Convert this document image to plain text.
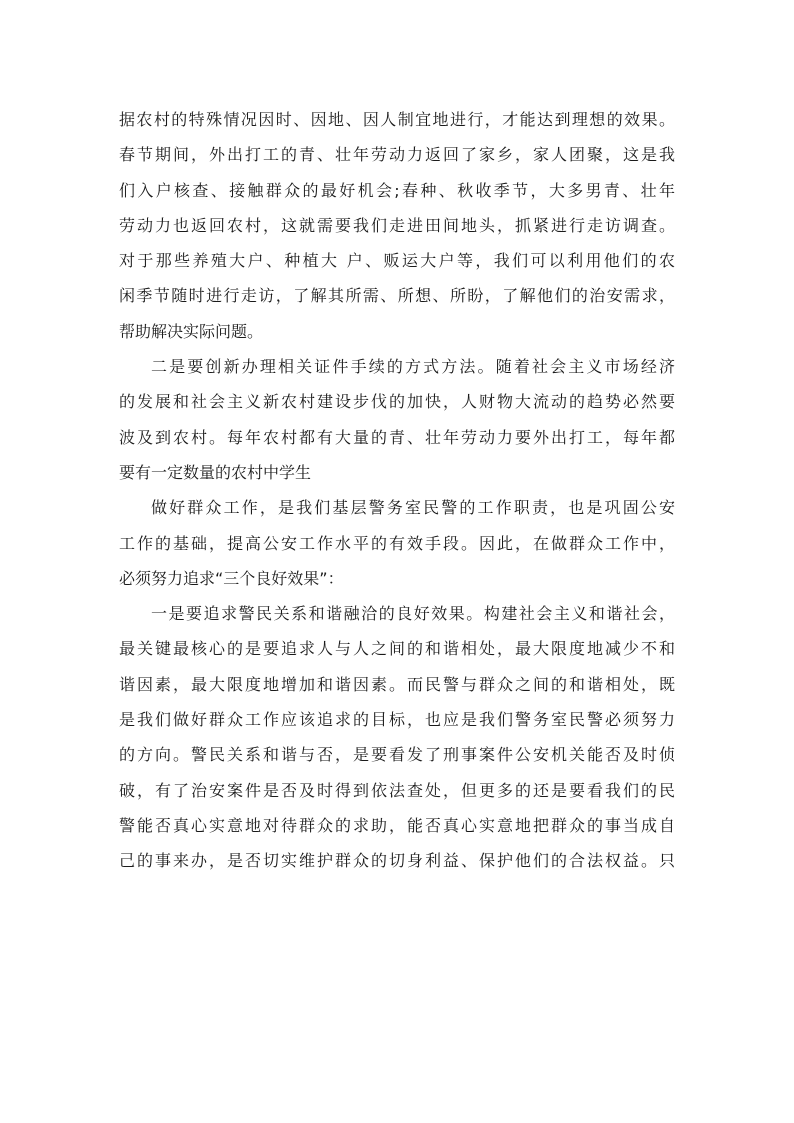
据农村的特殊情况因时、因地、因人制宜地进行，才能达到理想的效果。
春节期间，外出打工的青、壮年劳动力返回了家乡，家人团聚，这是我
们入户核查、接触群众的最好机会;春种、秋收季节，大多男青、壮年
劳动力也返回农村，这就需要我们走进田间地头，抓紧进行走访调查。
对于那些养殖大户、种植大 户、贩运大户等，我们可以利用他们的农
闲季节随时进行走访，了解其所需、所想、所盼，了解他们的治安需求，
帮助解决实际问题。
二是要创新办理相关证件手续的方式方法。随着社会主义市场经济
的发展和社会主义新农村建设步伐的加快，人财物大流动的趋势必然要
波及到农村。每年农村都有大量的青、壮年劳动力要外出打工，每年都
要有一定数量的农村中学生
做好群众工作，是我们基层警务室民警的工作职责，也是巩固公安
工作的基础，提高公安工作水平的有效手段。因此，在做群众工作中，
必须努力追求“三个良好效果”：
一是要追求警民关系和谐融洽的良好效果。构建社会主义和谐社会，
最关键最核心的是要追求人与人之间的和谐相处，最大限度地减少不和
谐因素，最大限度地增加和谐因素。而民警与群众之间的和谐相处，既
是我们做好群众工作应该追求的目标，也应是我们警务室民警必须努力
的方向。警民关系和谐与否，是要看发了刑事案件公安机关能否及时侦
破，有了治安案件是否及时得到依法查处，但更多的还是要看我们的民
警能否真心实意地对待群众的求助，能否真心实意地把群众的事当成自
己的事来办，是否切实维护群众的切身利益、保护他们的合法权益。只
